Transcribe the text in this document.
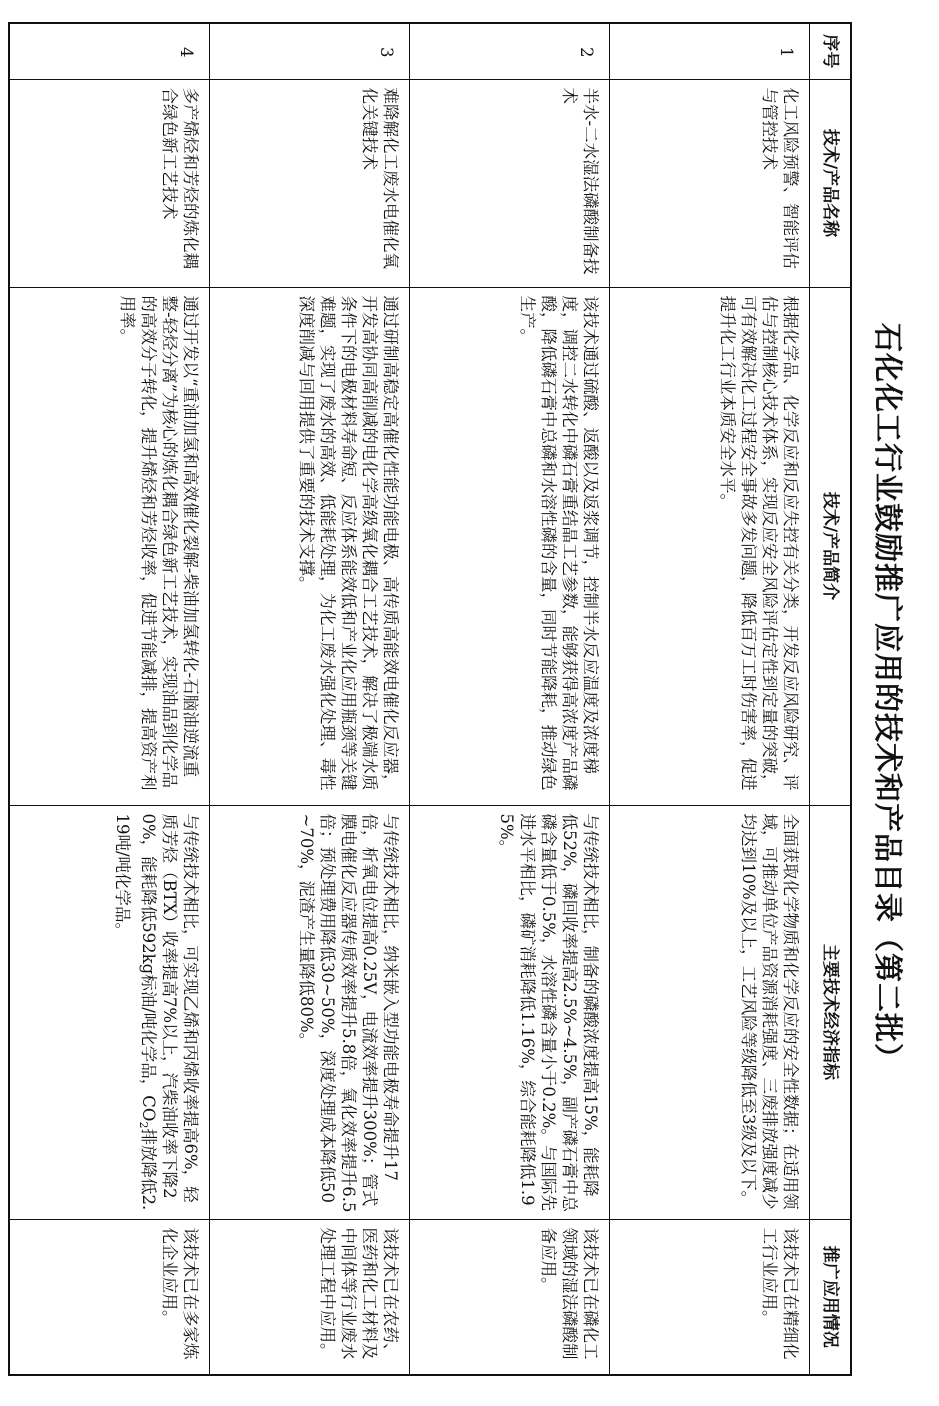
石化化工行业鼓励推广应用的技术和产品目录（第二批）
序号	技术/产品名称	技术/产品简介	主要技术经济指标	推广应用情况
1	化工风险预警、智能评估与管控技术	根据化学品、化学反应和反应失控有关分类，开发反应风险研究、评估与控制核心技术体系，实现反应安全风险评估定性到定量的突破，可有效解决化工过程安全事故多发问题，降低百万工时伤害率，促进提升化工行业本质安全水平。	全面获取化学物质和化学反应的安全性数据；在适用领域，可推动单位产品资源消耗强度、三废排放强度减少均达到10%及以上，工艺风险等级降低至3级及以下。	该技术已在精细化工行业应用。
2	半水-二水湿法磷酸制备技术	该技术通过硫酸、返酸以及返浆调节，控制半水反应温度及浓度梯度，调控二水转化中磷石膏重结晶工艺参数，能够获得高浓度产品磷酸，降低磷石膏中总磷和水溶性磷的含量，同时节能降耗，推动绿色生产。	与传统技术相比，制备的磷酸浓度提高15%，能耗降低52%，磷回收率提高2.5%~4.5%，副产磷石膏中总磷含量低于0.5%，水溶性磷含量小于0.2%。与国际先进水平相比，磷矿消耗降低1.16%，综合能耗降低1.95%。	该技术已在磷化工领域的湿法磷酸制备应用。
3	难降解化工废水电催化氧化关键技术	通过研制高稳定高催化性能功能电极、高传质高能效电催化反应器，开发高协同高削减的电化学高级氧化耦合工艺技术，解决了极端水质条件下的电极材料寿命短、反应体系能效低和产业化应用瓶颈等关键难题，实现了废水的高效、低能耗处理，为化工废水强化处理、毒性深度削减与回用提供了重要的技术支撑。	与传统技术相比，纳米嵌入型功能电极寿命提升17倍，析氧电位提高0.25V，电流效率提升300%；管式膜电催化反应器传质效率提升5.8倍，氧化效率提升6.5倍；预处理费用降低30~50%，深度处理成本降低50~70%，泥渣产生量降低80%。	该技术已在农药、医药和化工材料及中间体等行业废水处理工程中应用。
4	多产烯烃和芳烃的炼化耦合绿色新工艺技术	通过开发以“重油加氢和高效催化裂解-柴油加氢转化-石脑油逆流重整-轻烃分离”为核心的炼化耦合绿色新工艺技术，实现油品到化学品的高效分子转化，提升烯烃和芳烃收率，促进节能减排，提高资产利用率。	与传统技术相比，可实现乙烯和丙烯收率提高6%，轻质芳烃（BTX）收率提高7%以上，汽柴油收率下降20%，能耗降低592kg标油/吨化学品，$CO_2$排放降低2.19吨/吨化学品。	该技术已在多家炼化企业应用。
